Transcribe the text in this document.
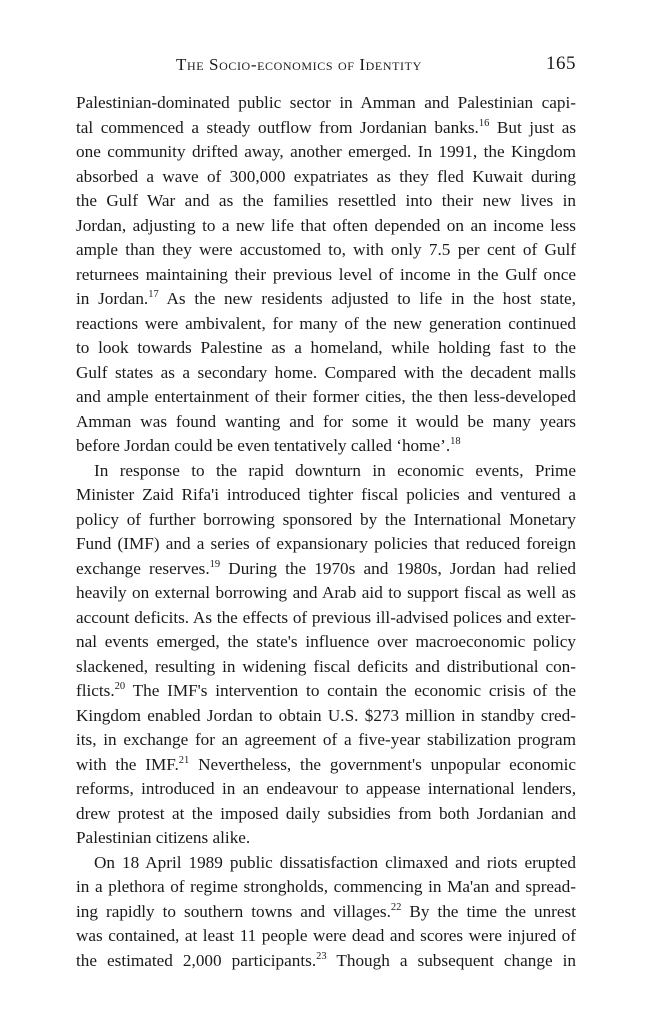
The Socio-economics of Identity	165
Palestinian-dominated public sector in Amman and Palestinian capi-
tal commenced a steady outflow from Jordanian banks.$^{16}$ But just as
one community drifted away, another emerged. In 1991, the Kingdom
absorbed a wave of 300,000 expatriates as they fled Kuwait during
the Gulf War and as the families resettled into their new lives in
Jordan, adjusting to a new life that often depended on an income less
ample than they were accustomed to, with only 7.5 per cent of Gulf
returnees maintaining their previous level of income in the Gulf once
in Jordan.$^{17}$ As the new residents adjusted to life in the host state,
reactions were ambivalent, for many of the new generation continued
to look towards Palestine as a homeland, while holding fast to the
Gulf states as a secondary home. Compared with the decadent malls
and ample entertainment of their former cities, the then less-developed
Amman was found wanting and for some it would be many years
before Jordan could be even tentatively called ‘home’.$^{18}$
In response to the rapid downturn in economic events, Prime
Minister Zaid Rifa'i introduced tighter fiscal policies and ventured a
policy of further borrowing sponsored by the International Monetary
Fund (IMF) and a series of expansionary policies that reduced foreign
exchange reserves.$^{19}$ During the 1970s and 1980s, Jordan had relied
heavily on external borrowing and Arab aid to support fiscal as well as
account deficits. As the effects of previous ill-advised polices and exter-
nal events emerged, the state's influence over macroeconomic policy
slackened, resulting in widening fiscal deficits and distributional con-
flicts.$^{20}$ The IMF's intervention to contain the economic crisis of the
Kingdom enabled Jordan to obtain U.S. $273 million in standby cred-
its, in exchange for an agreement of a five-year stabilization program
with the IMF.$^{21}$ Nevertheless, the government's unpopular economic
reforms, introduced in an endeavour to appease international lenders,
drew protest at the imposed daily subsidies from both Jordanian and
Palestinian citizens alike.
On 18 April 1989 public dissatisfaction climaxed and riots erupted
in a plethora of regime strongholds, commencing in Ma'an and spread-
ing rapidly to southern towns and villages.$^{22}$ By the time the unrest
was contained, at least 11 people were dead and scores were injured of
the estimated 2,000 participants.$^{23}$ Though a subsequent change in
